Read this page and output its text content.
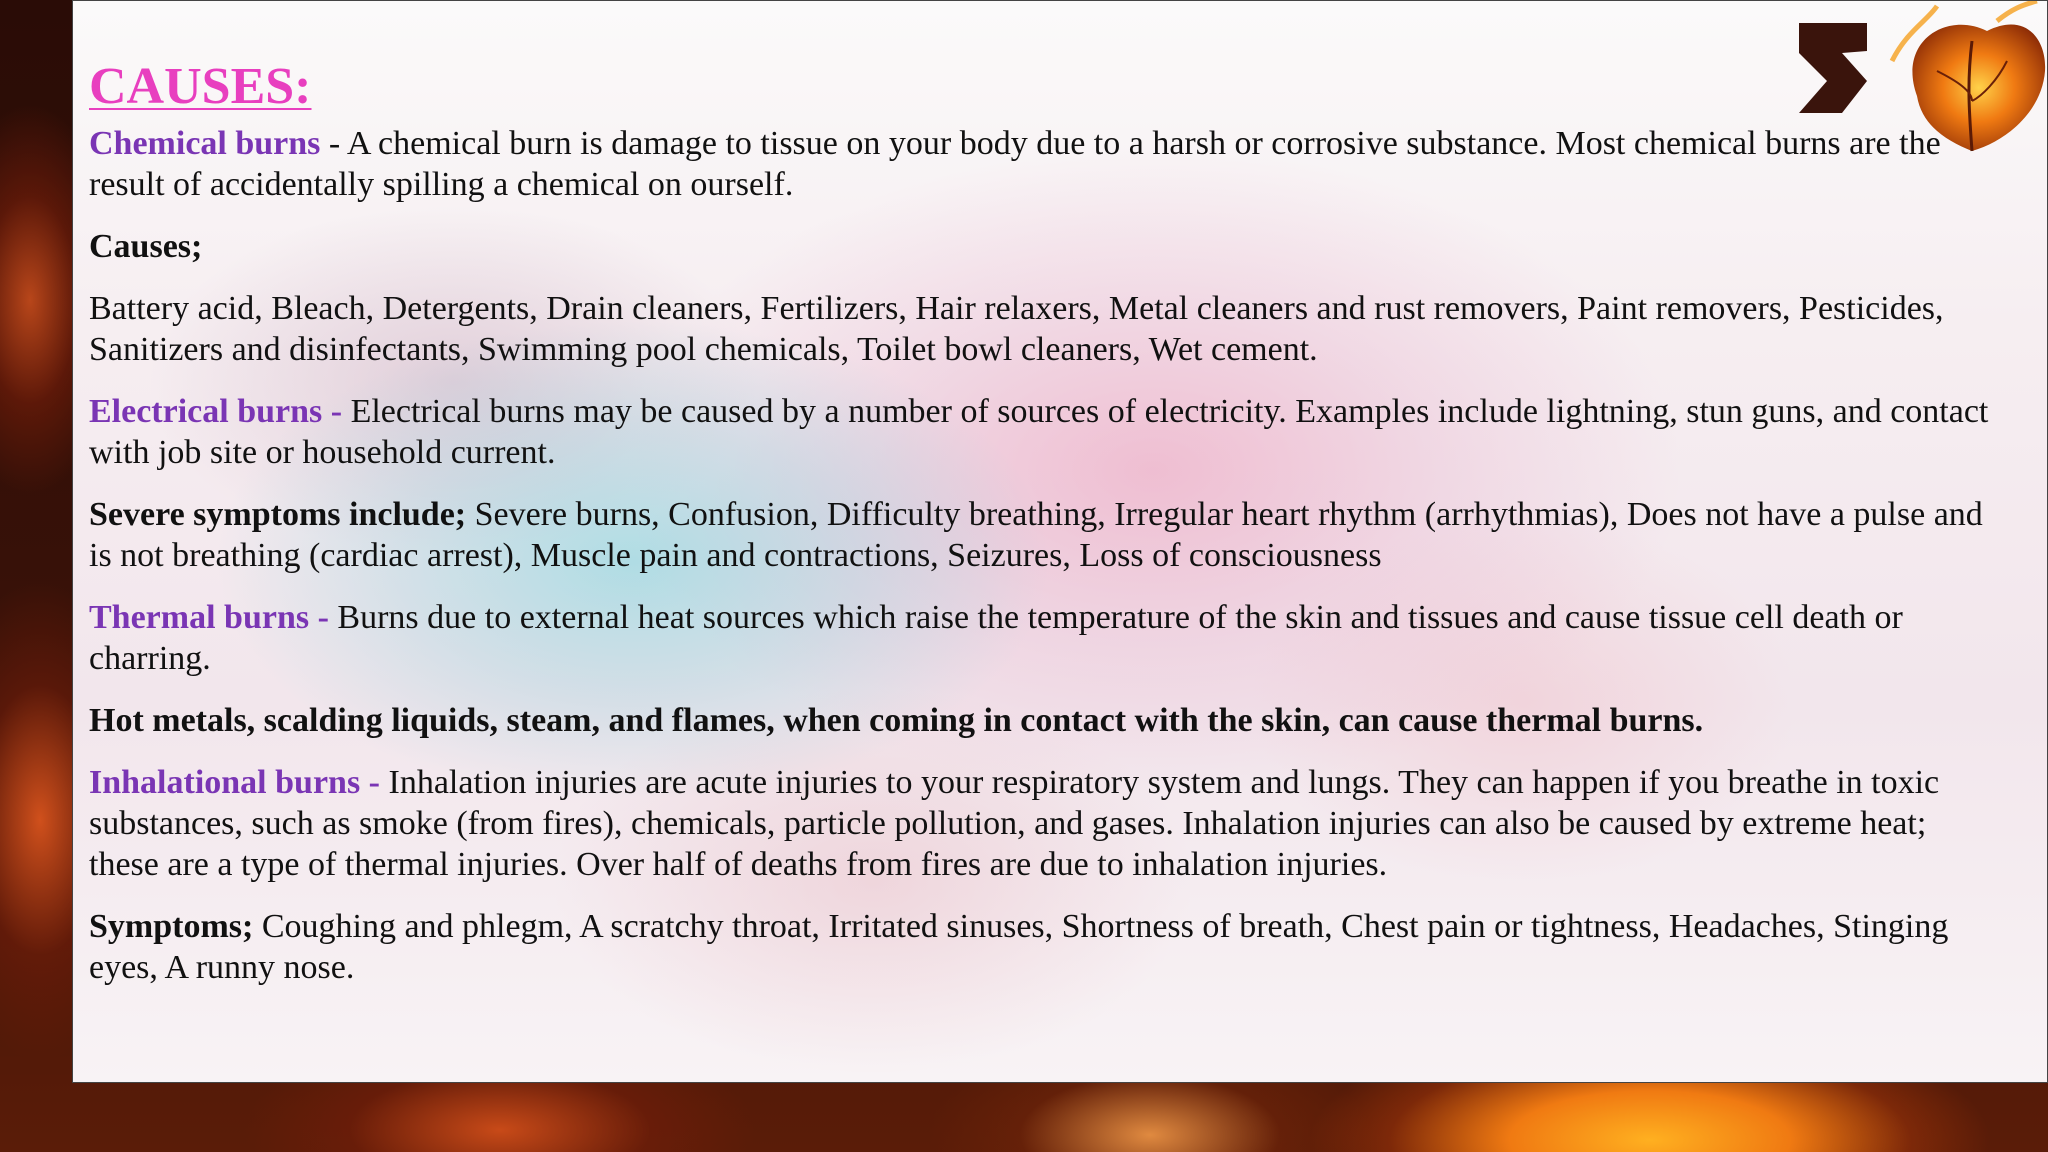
CAUSES:

Chemical burns - A chemical burn is damage to tissue on your body due to a harsh or corrosive substance. Most chemical burns are the result of accidentally spilling a chemical on ourself.

Causes;

Battery acid, Bleach, Detergents, Drain cleaners, Fertilizers, Hair relaxers, Metal cleaners and rust removers, Paint removers, Pesticides, Sanitizers and disinfectants, Swimming pool chemicals, Toilet bowl cleaners, Wet cement.

Electrical burns - Electrical burns may be caused by a number of sources of electricity. Examples include lightning, stun guns, and contact with job site or household current.

Severe symptoms include; Severe burns, Confusion, Difficulty breathing, Irregular heart rhythm (arrhythmias), Does not have a pulse and is not breathing (cardiac arrest), Muscle pain and contractions, Seizures, Loss of consciousness

Thermal burns - Burns due to external heat sources which raise the temperature of the skin and tissues and cause tissue cell death or charring.

Hot metals, scalding liquids, steam, and flames, when coming in contact with the skin, can cause thermal burns.

Inhalational burns - Inhalation injuries are acute injuries to your respiratory system and lungs. They can happen if you breathe in toxic substances, such as smoke (from fires), chemicals, particle pollution, and gases. Inhalation injuries can also be caused by extreme heat; these are a type of thermal injuries. Over half of deaths from fires are due to inhalation injuries.

Symptoms; Coughing and phlegm, A scratchy throat, Irritated sinuses, Shortness of breath, Chest pain or tightness, Headaches, Stinging eyes, A runny nose.
